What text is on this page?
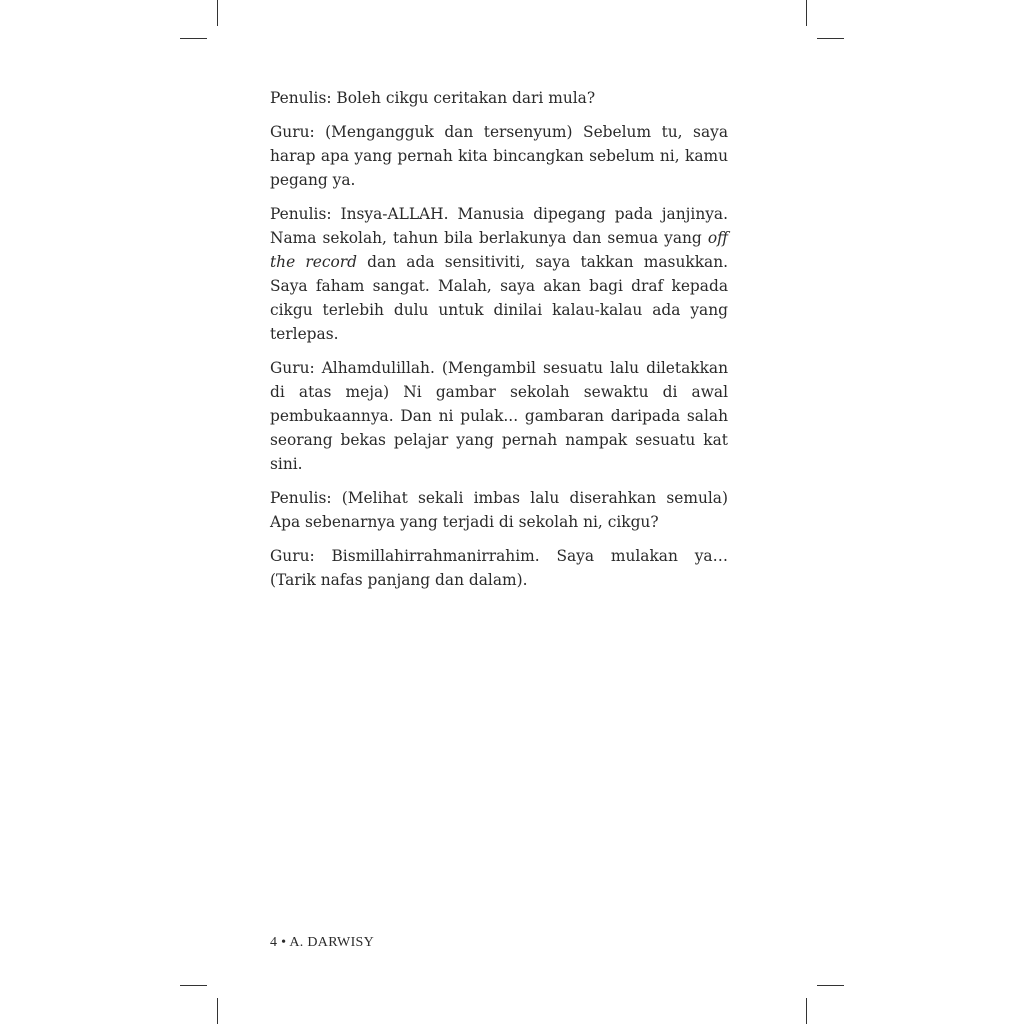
Penulis: Boleh cikgu ceritakan dari mula?

Guru: (Mengangguk dan tersenyum) Sebelum tu, saya harap apa yang pernah kita bincangkan sebelum ni, kamu pegang ya.

Penulis: Insya-ALLAH. Manusia dipegang pada janjinya. Nama sekolah, tahun bila berlakunya dan semua yang off the record dan ada sensitiviti, saya takkan masukkan. Saya faham sangat. Malah, saya akan bagi draf kepada cikgu terlebih dulu untuk dinilai kalau-kalau ada yang terlepas.

Guru: Alhamdulillah. (Mengambil sesuatu lalu diletakkan di atas meja) Ni gambar sekolah sewaktu di awal pembukaannya. Dan ni pulak... gambaran daripada salah seorang bekas pelajar yang pernah nampak sesuatu kat sini.

Penulis: (Melihat sekali imbas lalu diserahkan semula) Apa sebenarnya yang terjadi di sekolah ni, cikgu?

Guru: Bismillahirrahmanirrahim. Saya mulakan ya… (Tarik nafas panjang dan dalam).

4 • A. DARWISY
